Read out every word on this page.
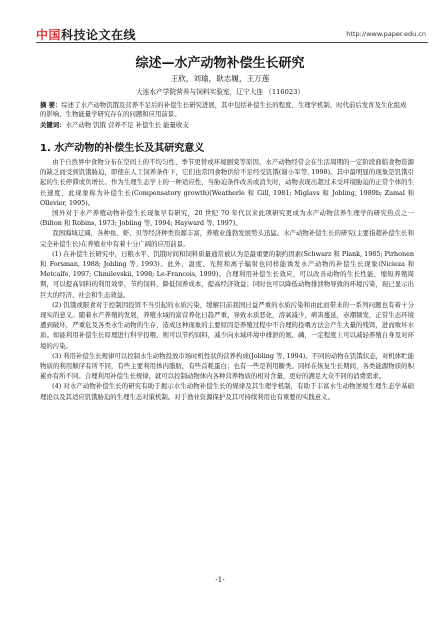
中国科技论文在线	http://www.paper.edu.cn
综述—水产动物补偿生长研究
王欣，刘瑜，耿志履，王万莲
大连水产学院营养与饲料实验室，辽宁大连 （116023）
摘 要：综述了水产动物饥饿及营养不足后的补偿生长研究进展，其中包括补偿生长的程度、生理学机制、时代前后发育及生化组成的影响、生物能量学研究存在的问题和应用前景。
关键词：水产动物 饥饿 营养不足 补偿生长 能量收支
1. 水产动物的补偿生长及其研究意义

由于自然界中食物分布在空间上的不均匀性、季节更替或环境剧变等原因，水产动物经常会在生活周期的一定阶段面临食物资源的缺乏而受到饥饿胁迫，即使在人工饲养条件下，它们也常因食物供给不足经受饥饿(谢小军等, 1998)。其中最明显的现象是饥饿引起的生长停滞或负增长。作为生理生态学上的一种适应性，当胁迫条件改善或消失时，动物表现出超过未受环境胁迫的正常个体的生长速度，此现象称为补偿生长(Compensatory growth)(Weatherle 和 Gill, 1981; Miglavs 和 Jobling, 1989b; Zamal 和 Ollevier, 1995)。

国外对于水产养殖动物补偿生长现象早有研究，20 世纪 70 年代以来此项研究更成为水产动物营养生理学的研究热点之一 (Bilton 和 Robins, 1973; Jobling 等, 1994; Hayward 等, 1997)。

我国海域辽阔，各种鱼、虾、贝等经济种类资源丰富，养殖业蓬勃发展势头迅猛。水产动物补偿生长的研究(主要指超补偿生长和完全补偿生长)在养殖业中有着十分广阔的应用前景。

(1) 在补偿生长研究中，日粮水平、饥饿时间和饲料质量通常被认为是最重要的制约因素(Schwarz 和 Plank, 1985; Pirhonen 和 Forsman, 1988; Jobling 等, 1993)。此外，温度、光照和离子辐射也同样能诱发水产动物的补偿生长现象(Nicieza 和 Metcalfe, 1997; Chmilevskii, 1998; Le-Francois, 1999)。合理利用补偿生长效应，可以改善动物的生长性能，缩短养殖周期，可以提高饲料的利用效率，节约饲料，降低饲养成本，提高经济效益；同时也可以降低动物排泄物导致的环境污染，现已显示出巨大的经济、社会和生态效益。

(2) 饥饿或限食对于控制因投饵不当引起的水质污染，缓解目前我国日益严重的水质污染和由此而带来的一系列问题也有着十分现实的意义。随着水产养殖的发展，养殖水域的富营养化日趋严重，导致水质恶化，溶氧减少，病害蔓延，赤潮频发，正常生态环境遭到破坏，严重危及各类水生动物的生存，造成这种现象的主要原因是养殖过程中不合理的投喂方法会产生大量的残饵，进而败坏水质。如能利用补偿生长原理进行科学投喂，则可以节约饲料，减少向水域环境中排泄的氮、磷，一定程度上可以减轻养殖自身及对环境的污染。

(3) 利用补偿生长规律可以控制水生动物投放市场时机性状的营养构成(Jobling 等, 1994)。不同的动物在饥饿状态，对机体贮能物质的利用顺序有所不同，有些主要利用体内脂肪，有些首耗蛋白；也有一些是利用糖类。同样在恢复生长期间，各类能源物质的积累亦有所不同。合理利用补偿生长规律，就可以控制动物体内各种营养物质的相对含量，更好的满足大众不同的消费需求。

(4) 对水产动物补偿生长的研究有助于揭示水生动物补偿生长的规律及其生理学机制，有助于丰富水生动物逆境生理生态学基础理论以及其适应饥饿胁迫的生理生态对策机制。对于渔业资源保护及其可持续利用也有重要的实践意义。

-1-
